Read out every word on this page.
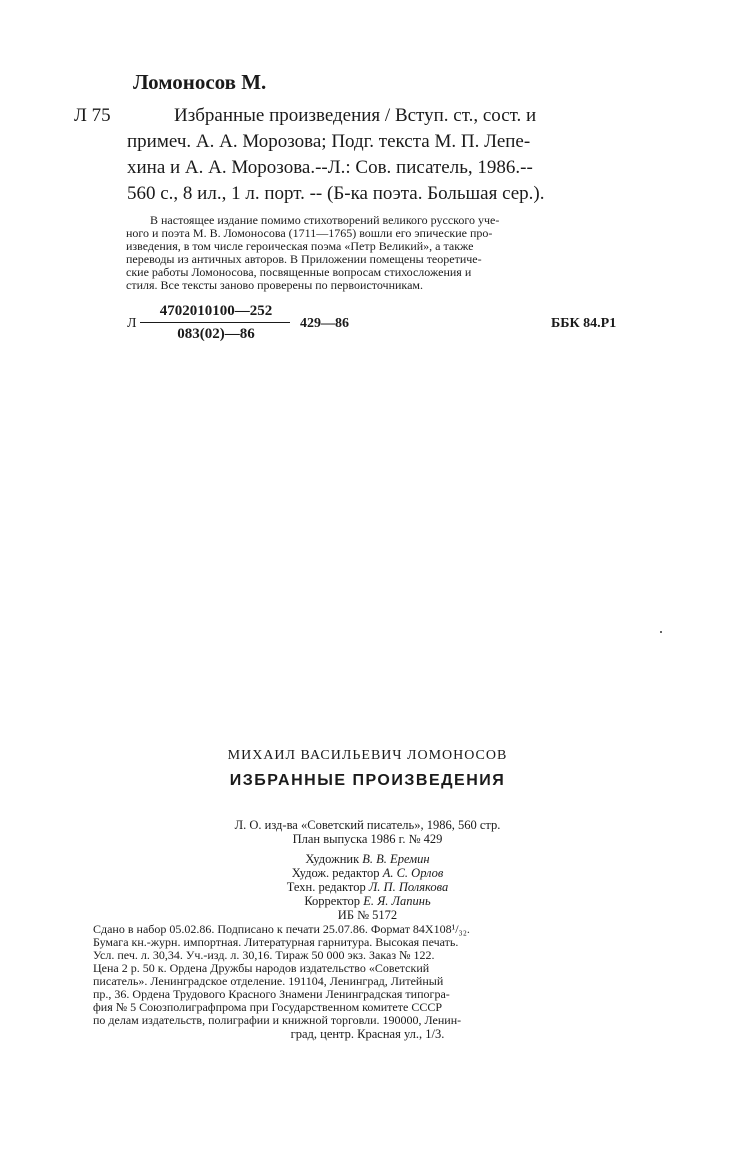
Ломоносов М.
Л 75	Избранные произведения / Вступ. ст., сост. и
примеч. А. А. Морозова; Подг. текста М. П. Лепе-
хина и А. А. Морозова.--Л.: Сов. писатель, 1986.--
560 с., 8 ил., 1 л. порт. -- (Б-ка поэта. Большая сер.).
В настоящее издание помимо стихотворений великого русского уче-
ного и поэта М. В. Ломоносова (1711—1765) вошли его эпические про-
изведения, в том числе героическая поэма «Петр Великий», а также
переводы из античных авторов. В Приложении помещены теоретиче-
ские работы Ломоносова, посвященные вопросам стихосложения и
стиля. Все тексты заново проверены по первоисточникам.
Л
4702010100—252
083(02)—86
429—86	ББК 84.Р1
МИХАИЛ ВАСИЛЬЕВИЧ ЛОМОНОСОВ
ИЗБРАННЫЕ ПРОИЗВЕДЕНИЯ
Л. О. изд-ва «Советский писатель», 1986, 560 стр.
План выпуска 1986 г. № 429
Художник В. В. Еремин
Худож. редактор А. С. Орлов
Техн. редактор Л. П. Полякова
Корректор Е. Я. Лапинь
ИБ № 5172
Сдано в набор 05.02.86. Подписано к печати 25.07.86. Формат 84Х108¹/₃₂.
Бумага кн.-журн. импортная. Литературная гарнитура. Высокая печать.
Усл. печ. л. 30,34. Уч.-изд. л. 30,16. Тираж 50 000 экз. Заказ № 122.
Цена 2 р. 50 к. Ордена Дружбы народов издательство «Советский
писатель». Ленинградское отделение. 191104, Ленинград, Литейный
пр., 36. Ордена Трудового Красного Знамени Ленинградская типогра-
фия № 5 Союзполиграфпрома при Государственном комитете СССР
по делам издательств, полиграфии и книжной торговли. 190000, Ленин-
град, центр. Красная ул., 1/3.
